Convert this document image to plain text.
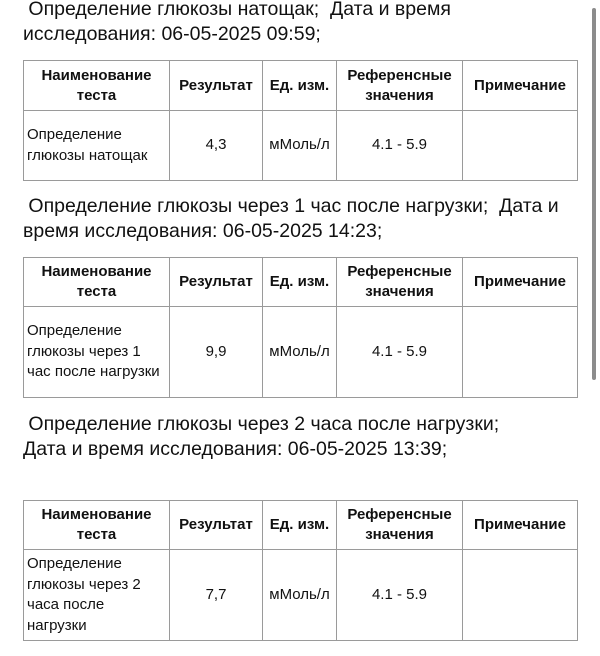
Определение глюкозы натощак;  Дата и время исследования: 06-05-2025 09:59;
Наименование теста	Результат	Ед. изм.	Референсные значения	Примечание
Определение глюкозы натощак	4,3	мМоль/л	4.1 - 5.9	
Определение глюкозы через 1 час после нагрузки;  Дата и время исследования: 06-05-2025 14:23;
Наименование теста	Результат	Ед. изм.	Референсные значения	Примечание
Определение глюкозы через 1 час после нагрузки	9,9	мМоль/л	4.1 - 5.9	
Определение глюкозы через 2 часа после нагрузки;  Дата и время исследования: 06-05-2025 13:39;
Наименование теста	Результат	Ед. изм.	Референсные значения	Примечание
Определение глюкозы через 2 часа после нагрузки	7,7	мМоль/л	4.1 - 5.9	
